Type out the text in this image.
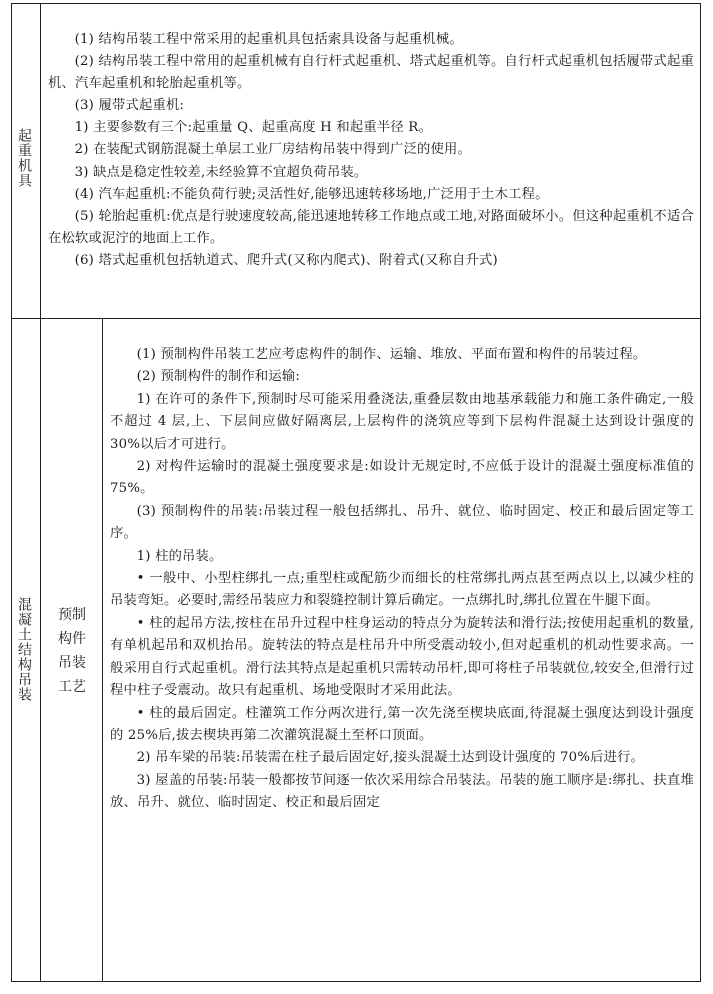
起重机具

(1) 结构吊装工程中常采用的起重机具包括索具设备与起重机械。

(2) 结构吊装工程中常用的起重机械有自行杆式起重机、塔式起重机等。自行杆式起重机包括履带式起重机、汽车起重机和轮胎起重机等。

(3) 履带式起重机:

1) 主要参数有三个:起重量 Q、起重高度 H 和起重半径 R。

2) 在装配式钢筋混凝土单层工业厂房结构吊装中得到广泛的使用。

3) 缺点是稳定性较差,未经验算不宜超负荷吊装。

(4) 汽车起重机:不能负荷行驶;灵活性好,能够迅速转移场地,广泛用于土木工程。

(5) 轮胎起重机:优点是行驶速度较高,能迅速地转移工作地点或工地,对路面破坏小。但这种起重机不适合在松软或泥泞的地面上工作。

(6) 塔式起重机包括轨道式、爬升式(又称内爬式)、附着式(又称自升式)

混凝土结构吊装	预制
构件
吊装
工艺

(1) 预制构件吊装工艺应考虑构件的制作、运输、堆放、平面布置和构件的吊装过程。

(2) 预制构件的制作和运输:

1) 在许可的条件下,预制时尽可能采用叠浇法,重叠层数由地基承载能力和施工条件确定,一般不超过 4 层,上、下层间应做好隔离层,上层构件的浇筑应等到下层构件混凝土达到设计强度的 30%以后才可进行。

2) 对构件运输时的混凝土强度要求是:如设计无规定时,不应低于设计的混凝土强度标准值的 75%。

(3) 预制构件的吊装:吊装过程一般包括绑扎、吊升、就位、临时固定、校正和最后固定等工序。

1) 柱的吊装。

• 一般中、小型柱绑扎一点;重型柱或配筋少而细长的柱常绑扎两点甚至两点以上,以减少柱的吊装弯矩。必要时,需经吊装应力和裂缝控制计算后确定。一点绑扎时,绑扎位置在牛腿下面。

• 柱的起吊方法,按柱在吊升过程中柱身运动的特点分为旋转法和滑行法;按使用起重机的数量,有单机起吊和双机抬吊。旋转法的特点是柱吊升中所受震动较小,但对起重机的机动性要求高。一般采用自行式起重机。滑行法其特点是起重机只需转动吊杆,即可将柱子吊装就位,较安全,但滑行过程中柱子受震动。故只有起重机、场地受限时才采用此法。

• 柱的最后固定。柱灌筑工作分两次进行,第一次先浇至楔块底面,待混凝土强度达到设计强度的 25%后,拔去楔块再第二次灌筑混凝土至杯口顶面。

2) 吊车梁的吊装:吊装需在柱子最后固定好,接头混凝土达到设计强度的 70%后进行。

3) 屋盖的吊装:吊装一般都按节间逐一依次采用综合吊装法。吊装的施工顺序是:绑扎、扶直堆放、吊升、就位、临时固定、校正和最后固定
